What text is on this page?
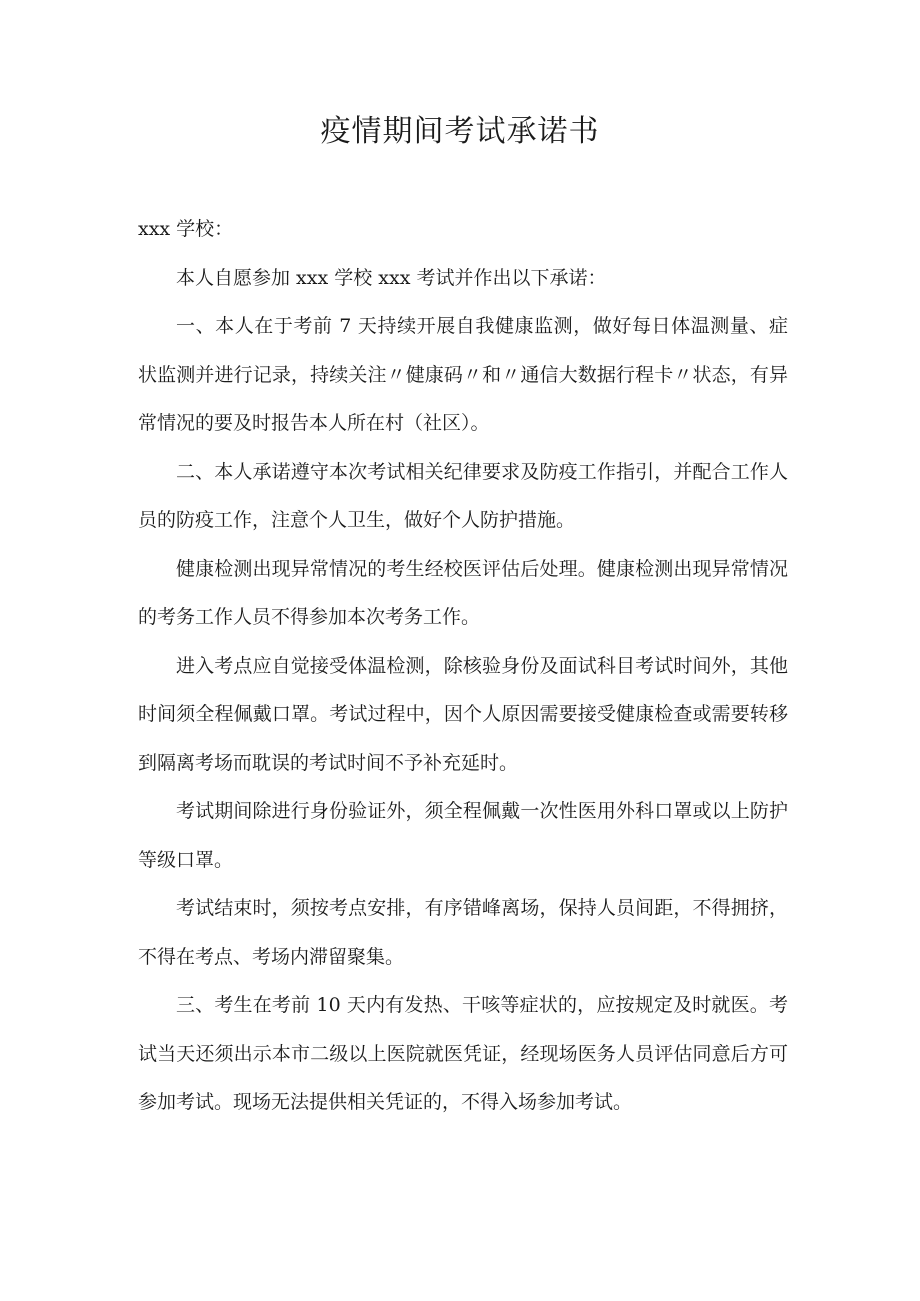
疫情期间考试承诺书

xxx 学校：

本人自愿参加 xxx 学校 xxx 考试并作出以下承诺：

一、本人在于考前 7 天持续开展自我健康监测，做好每日体温测量、症状监测并进行记录，持续关注〃健康码〃和〃通信大数据行程卡〃状态，有异常情况的要及时报告本人所在村（社区）。

二、本人承诺遵守本次考试相关纪律要求及防疫工作指引，并配合工作人员的防疫工作，注意个人卫生，做好个人防护措施。

健康检测出现异常情况的考生经校医评估后处理。健康检测出现异常情况的考务工作人员不得参加本次考务工作。

进入考点应自觉接受体温检测，除核验身份及面试科目考试时间外，其他时间须全程佩戴口罩。考试过程中，因个人原因需要接受健康检查或需要转移到隔离考场而耽误的考试时间不予补充延时。

考试期间除进行身份验证外，须全程佩戴一次性医用外科口罩或以上防护等级口罩。

考试结束时，须按考点安排，有序错峰离场，保持人员间距，不得拥挤，不得在考点、考场内滞留聚集。

三、考生在考前 10 天内有发热、干咳等症状的，应按规定及时就医。考试当天还须出示本市二级以上医院就医凭证，经现场医务人员评估同意后方可参加考试。现场无法提供相关凭证的，不得入场参加考试。
